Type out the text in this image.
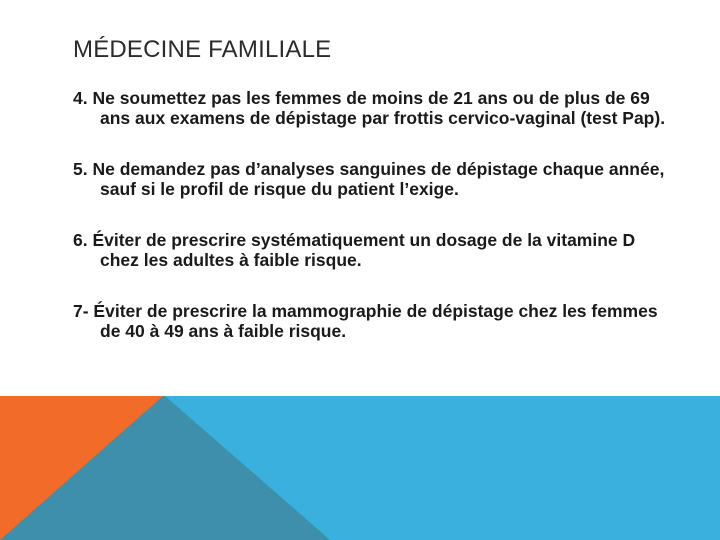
MÉDECINE FAMILIALE
4. Ne soumettez pas les femmes de moins de 21 ans ou de plus de 69 ans aux examens de dépistage par frottis cervico-vaginal (test Pap).
5. Ne demandez pas d’analyses sanguines de dépistage chaque année, sauf si le profil de risque du patient l’exige.
6. Éviter de prescrire systématiquement un dosage de la vitamine D chez les adultes à faible risque.
7- Éviter de prescrire la mammographie de dépistage chez les femmes de 40 à 49 ans à faible risque.
